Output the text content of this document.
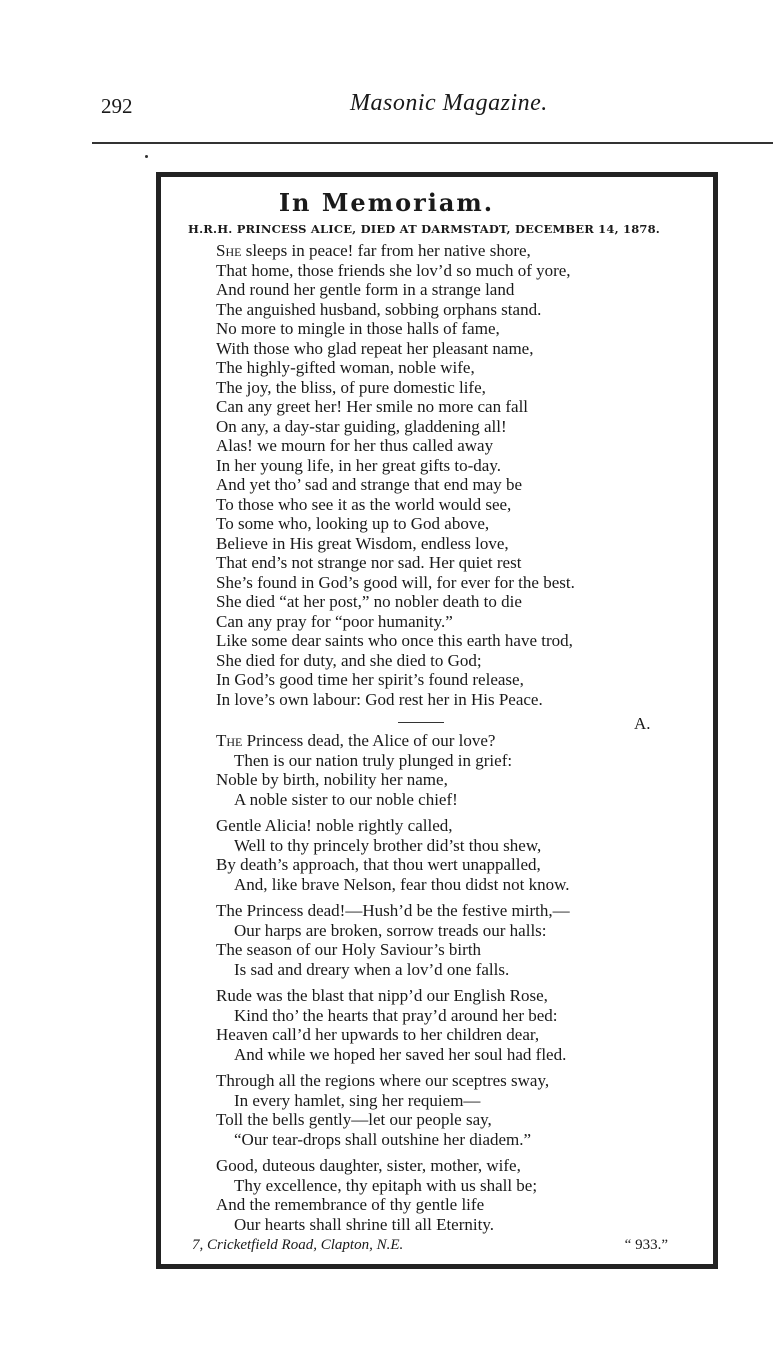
292	Masonic Magazine.
In Memoriam.
H.R.H. PRINCESS ALICE, DIED AT DARMSTADT, DECEMBER 14, 1878.
She sleeps in peace! far from her native shore,
That home, those friends she lov’d so much of yore,
And round her gentle form in a strange land
The anguished husband, sobbing orphans stand.
No more to mingle in those halls of fame,
With those who glad repeat her pleasant name,
The highly-gifted woman, noble wife,
The joy, the bliss, of pure domestic life,
Can any greet her! Her smile no more can fall
On any, a day-star guiding, gladdening all!
Alas! we mourn for her thus called away
In her young life, in her great gifts to-day.
And yet tho’ sad and strange that end may be
To those who see it as the world would see,
To some who, looking up to God above,
Believe in His great Wisdom, endless love,
That end’s not strange nor sad. Her quiet rest
She’s found in God’s good will, for ever for the best.
She died “at her post,” no nobler death to die
Can any pray for “poor humanity.”
Like some dear saints who once this earth have trod,
She died for duty, and she died to God;
In God’s good time her spirit’s found release,
In love’s own labour: God rest her in His Peace.
A.
The Princess dead, the Alice of our love?
Then is our nation truly plunged in grief:
Noble by birth, nobility her name,
A noble sister to our noble chief!
Gentle Alicia! noble rightly called,
Well to thy princely brother did’st thou shew,
By death’s approach, that thou wert unappalled,
And, like brave Nelson, fear thou didst not know.
The Princess dead!—Hush’d be the festive mirth,—
Our harps are broken, sorrow treads our halls:
The season of our Holy Saviour’s birth
Is sad and dreary when a lov’d one falls.
Rude was the blast that nipp’d our English Rose,
Kind tho’ the hearts that pray’d around her bed:
Heaven call’d her upwards to her children dear,
And while we hoped her saved her soul had fled.
Through all the regions where our sceptres sway,
In every hamlet, sing her requiem—
Toll the bells gently—let our people say,
“Our tear-drops shall outshine her diadem.”
Good, duteous daughter, sister, mother, wife,
Thy excellence, thy epitaph with us shall be;
And the remembrance of thy gentle life
Our hearts shall shrine till all Eternity.
7, Cricketfield Road, Clapton, N.E.	“ 933.”
